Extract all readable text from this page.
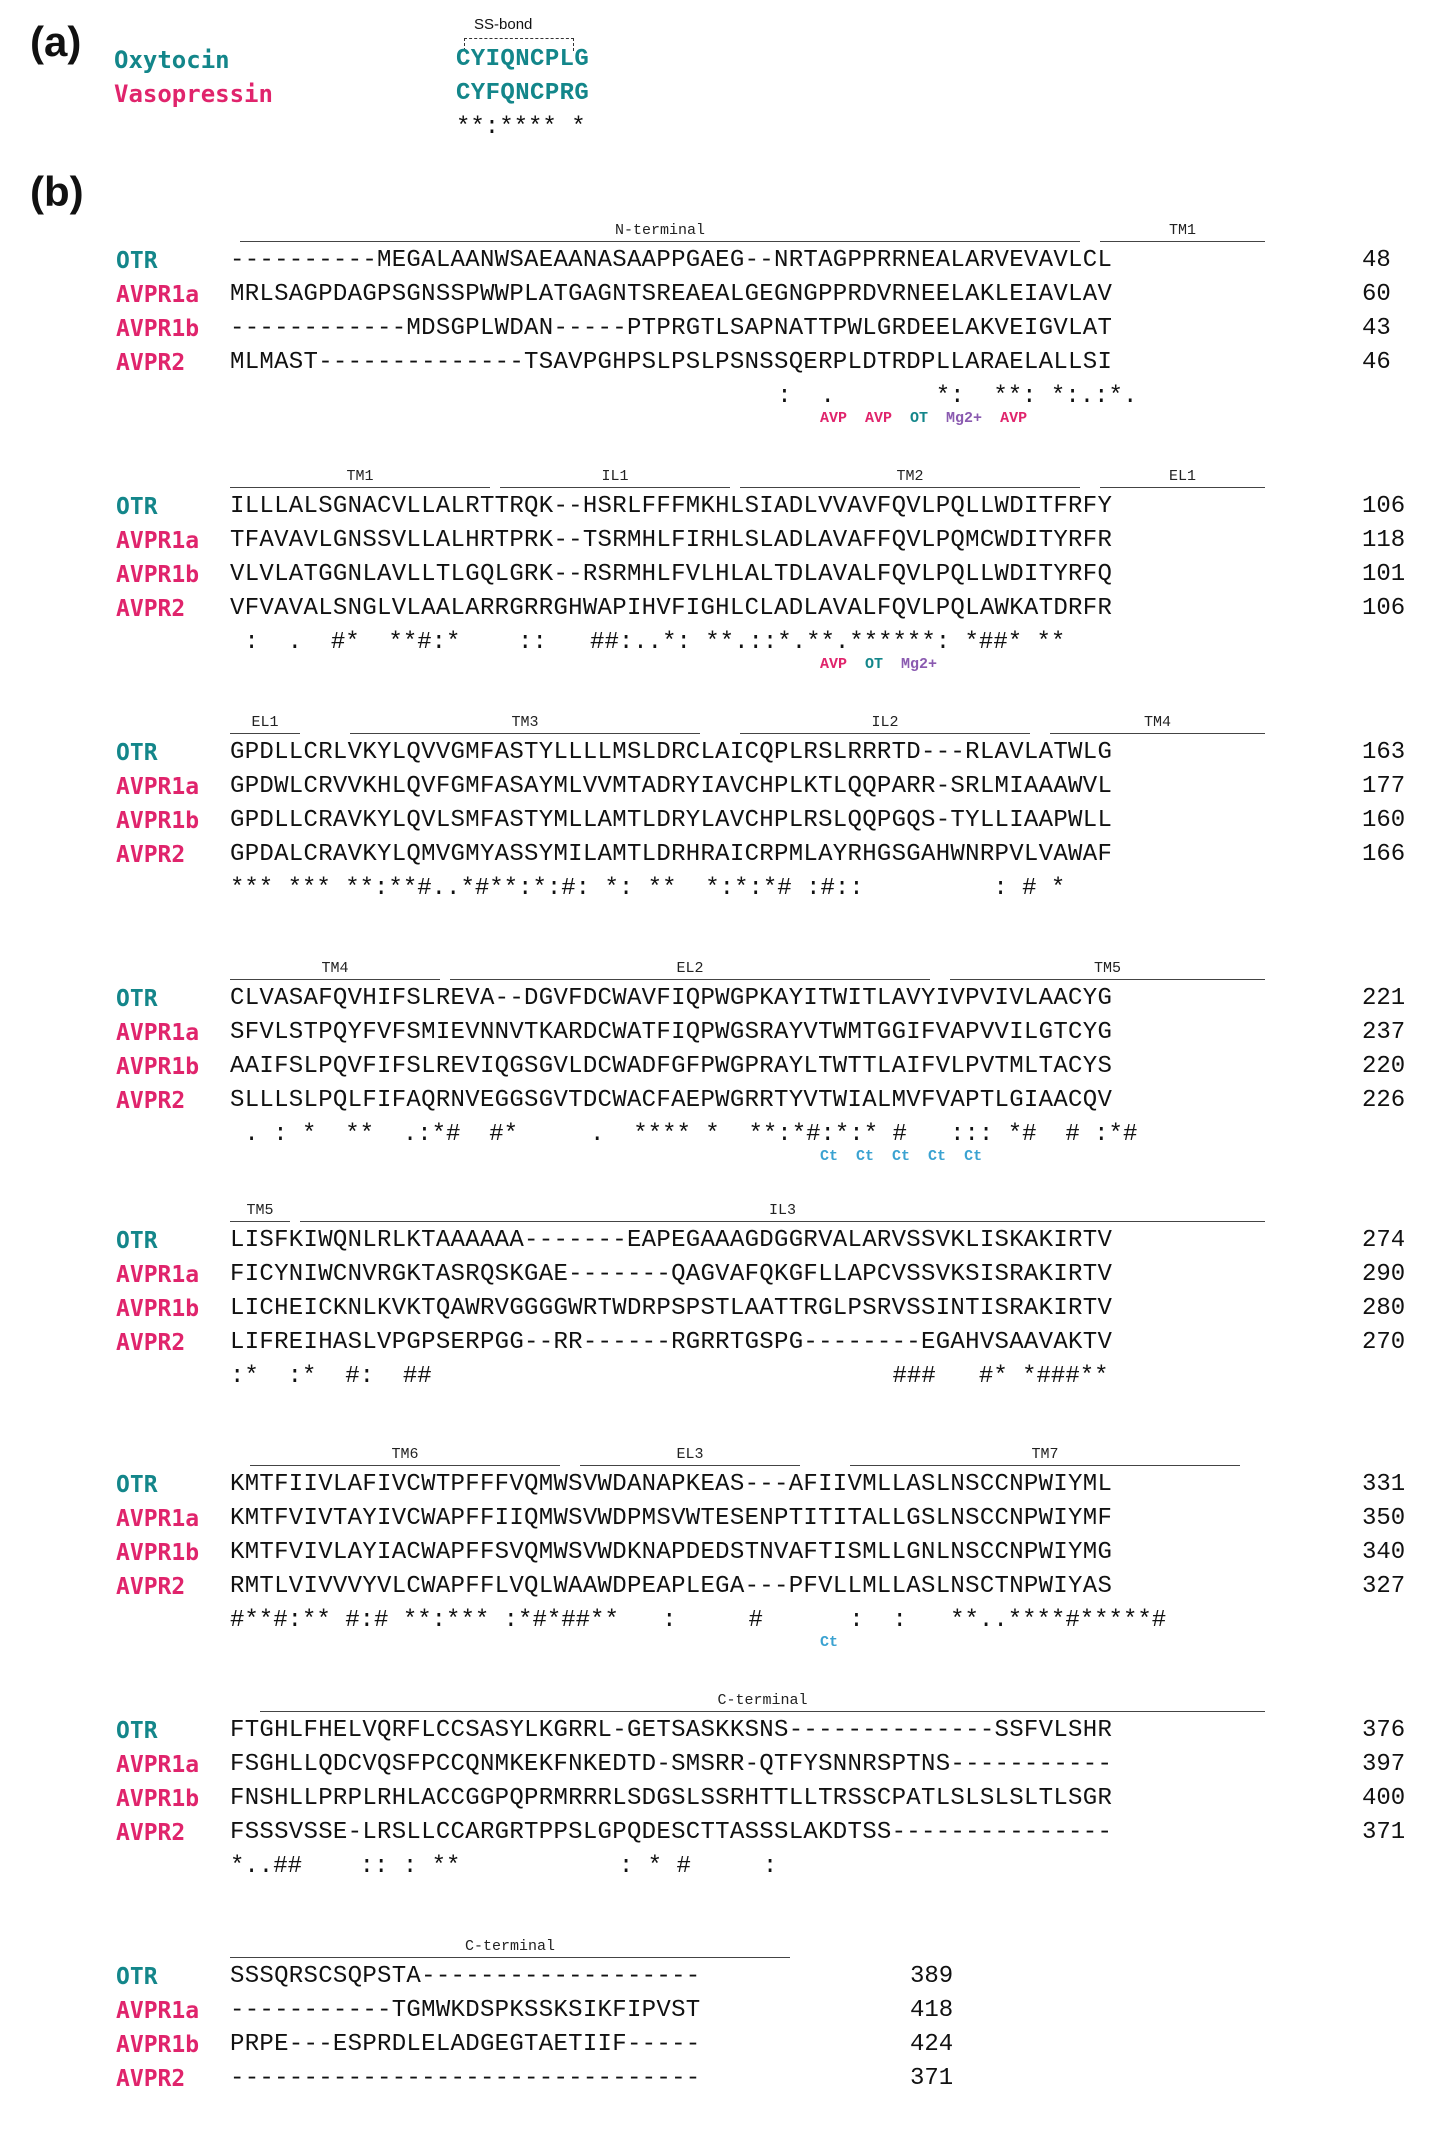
(a)
(b)
SS-bond
Oxytocin	CYIQNCPLG
Vasopressin	CYFQNCPRG
**:**** *
N-terminal	TM1
OTR	----------MEGALAANWSAEAANASAAPPGAEG--NRTAGPPRRNEALARVEVAVLCL	48
AVPR1a MRLSAGPDAGPSGNSSPWWPLATGAGNTSREAEALGEGNGPPRDVRNEELAKLEIAVLAV	60
AVPR1b ------------MDSGPLWDAN-----PTPRGTLSAPNATTPWLGRDEELAKVEIGVLAT	43
AVPR2 MLMAST--------------TSAVPGHPSLPSLPSNSSQERPLDTRDPLLARAELALLSI	46
:  .       *:  **: *:.:*.
AVP  AVP  OT  Mg2+  AVP
TM1	IL1	TM2	EL1
OTR	ILLLALSGNACVLLALRTTRQK--HSRLFFFMKHLSIADLVVAVFQVLPQLLWDITFRFY	106
AVPR1a TFAVAVLGNSSVLLALHRTPRK--TSRMHLFIRHLSLADLAVAFFQVLPQMCWDITYRFR	118
AVPR1b VLVLATGGNLAVLLTLGQLGRK--RSRMHLFVLHLALTDLAVALFQVLPQLLWDITYRFQ	101
AVPR2 VFVAVALSNGLVLAALARRGRRGHWAPIHVFIGHLCLADLAVALFQVLPQLAWKATDRFR	106
:  .  #*  **#:*    ::   ##:..*: **.::*.**.******: *##* **
AVP  OT  Mg2+
EL1	TM3	IL2	TM4
OTR	GPDLLCRLVKYLQVVGMFASTYLLLLMSLDRCLAICQPLRSLRRRTD---RLAVLATWLG	163
AVPR1a GPDWLCRVVKHLQVFGMFASAYMLVVMTADRYIAVCHPLKTLQQPARR-SRLMIAAAWVL	177
AVPR1b GPDLLCRAVKYLQVLSMFASTYMLLAMTLDRYLAVCHPLRSLQQPGQS-TYLLIAAPWLL	160
AVPR2 GPDALCRAVKYLQMVGMYASSYMILAMTLDRHRAICRPMLAYRHGSGAHWNRPVLVAWAF	166
*** *** **:**#..*#**:*:#: *: **  *:*:*# :#::         : # *
TM4	EL2	TM5
OTR	CLVASAFQVHIFSLREVA--DGVFDCWAVFIQPWGPKAYITWITLAVYIVPVIVLAACYG	221
AVPR1a SFVLSTPQYFVFSMIEVNNVTKARDCWATFIQPWGSRAYVTWMTGGIFVAPVVILGTCYG	237
AVPR1b AAIFSLPQVFIFSLREVIQGSGVLDCWADFGFPWGPRAYLTWTTLAIFVLPVTMLTACYS	220
AVPR2 SLLLSLPQLFIFAQRNVEGGSGVTDCWACFAEPWGRRTYVTWIALMVFVAPTLGIAACQV	226
. : *  **  .:*#  #*     .  **** *  **:*#:*:* #   ::: *#  # :*#
Ct  Ct  Ct  Ct  Ct
TM5	IL3
OTR	LISFKIWQNLRLKTAAAAAA-------EAPEGAAAGDGGRVALARVSSVKLISKAKIRTV	274
AVPR1a FICYNIWCNVRGKTASRQSKGAE-------QAGVAFQKGFLLAPCVSSVKSISRAKIRTV	290
AVPR1b LICHEICKNLKVKTQAWRVGGGGWRTWDRPSPSTLAATTRGLPSRVSSINTISRAKIRTV	280
AVPR2 LIFREIHASLVPGPSERPGG--RR------RGRRTGSPG--------EGAHVSAAVAKTV	270
:*  :*  #:  ##                                ###   #* *###**
TM6	EL3	TM7
OTR	KMTFIIVLAFIVCWTPFFFVQMWSVWDANAPKEAS---AFIIVMLLASLNSCCNPWIYML	331
AVPR1a KMTFVIVTAYIVCWAPFFIIQMWSVWDPMSVWTESENPTITITALLGSLNSCCNPWIYMF	350
AVPR1b KMTFVIVLAYIACWAPFFSVQMWSVWDKNAPDEDSTNVAFTISMLLGNLNSCCNPWIYMG	340
AVPR2 RMTLVIVVVYVLCWAPFFLVQLWAAWDPEAPLEGA---PFVLLMLLASLNSCTNPWIYAS	327
#**#:** #:# **:*** :*#*##**   :     #      :  :   **..****#*****#
Ct
C-terminal
OTR	FTGHLFHELVQRFLCCSASYLKGRRL-GETSASKKSNS--------------SSFVLSHR	376
AVPR1a FSGHLLQDCVQSFPCCQNMKEKFNKEDTD-SMSRR-QTFYSNNRSPTNS-----------	397
AVPR1b FNSHLLPRPLRHLACCGGPQPRMRRRLSDGSLSSRHTTLLTRSSCPATLSLSLSLTLSGR	400
AVPR2 FSSSVSSE-LRSLLCCARGRTPPSLGPQDESCTTASSSLAKDTSS---------------	371
*..##    :: : **           : * #     :
C-terminal
OTR	SSSQRSCSQPSTA-------------------	389
AVPR1a -----------TGMWKDSPKSSKSIKFIPVST	418
AVPR1b PRPE---ESPRDLELADGEGTAETIIF-----	424
AVPR2 --------------------------------	371
